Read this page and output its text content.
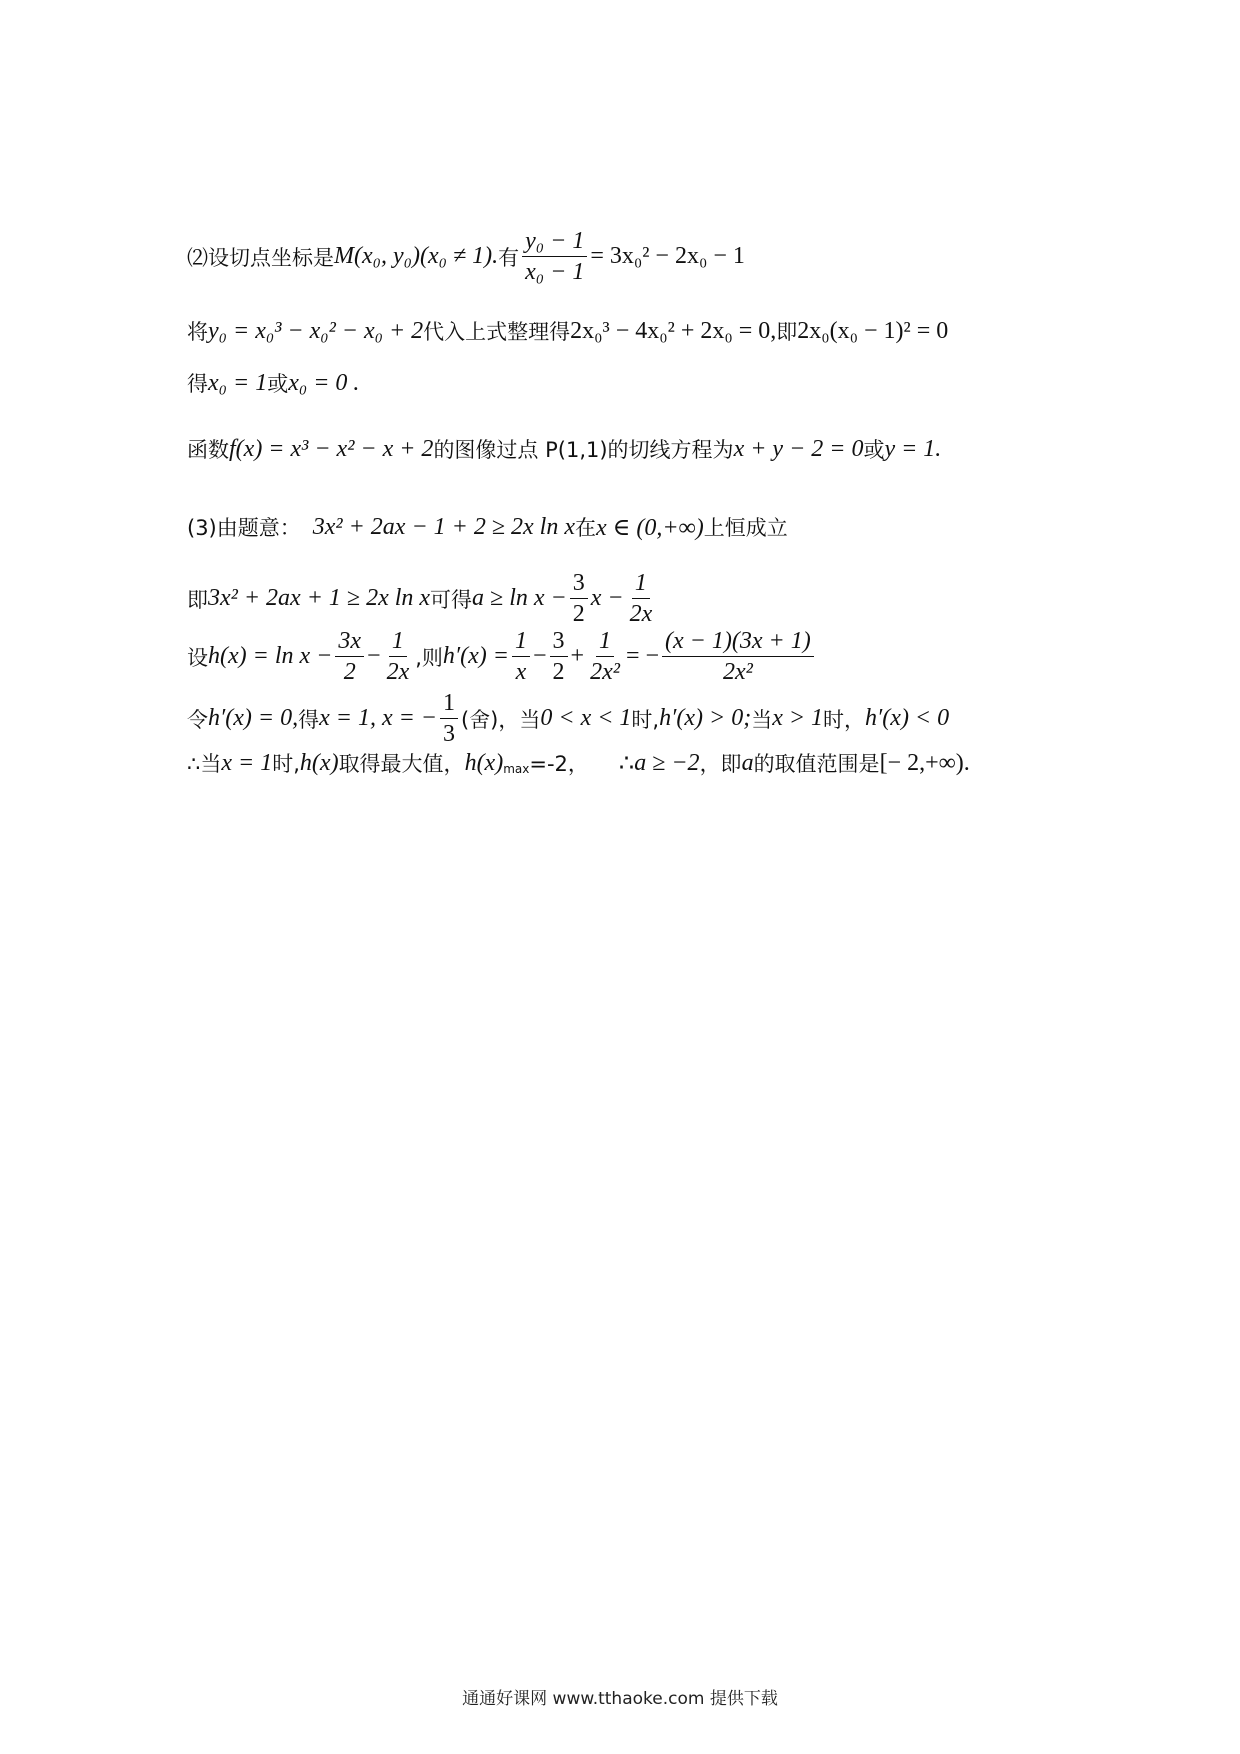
⑵设切点坐标是 M(x₀, y₀)(x₀ ≠ 1). 有 $\frac{\text{y₀ − 1}}{\text{x₀ − 1}} = 3x_0^2 - 2x_0 - 1$
将 y₀ = x₀³ − x₀² − x₀ + 2 代入上式整理得 2x₀³ − 4x₀² + 2x₀ = 0, 即 2x₀(x₀ − 1)² = 0
得 x₀ = 1 或 x₀ = 0 .
函数 f(x) = x³ − x² − x + 2 的图像过点 P(1,1)的切线方程为 x + y − 2 = 0 或 y = 1.
(3)由题意： 3x² + 2ax − 1 + 2 ≥ 2x ln x 在 x ∈ (0,+∞) 上恒成立
即 3x² + 2ax + 1 ≥ 2x ln x 可得 $a \ge \ln x - \frac{3}{2}$ $x - \frac{1}{2x}$
设 $h(x) = \ln x - \frac{3x}{2} - \frac{1}{2x}$ ,则 $h'(x) = \frac{1}{x} - \frac{3}{2} + \frac{1}{\text{2x²}}$ = − $\frac{(x - 1)(3x + 1)}{\text{2x²}}$
令 h′(x) = 0, 得 x = 1, x = − $\frac{1}{3}$ (舍)，当 0 < x < 1 时, h′(x) > 0; 当 x > 1 时， h′(x) < 0
∴当 x = 1 时, h(x) 取得最大值， h(x) max =-2， ∴ a ≥ −2 ，即 a 的取值范围是 [− 2,+∞).
通通好课网 www.tthaoke.com 提供下载
